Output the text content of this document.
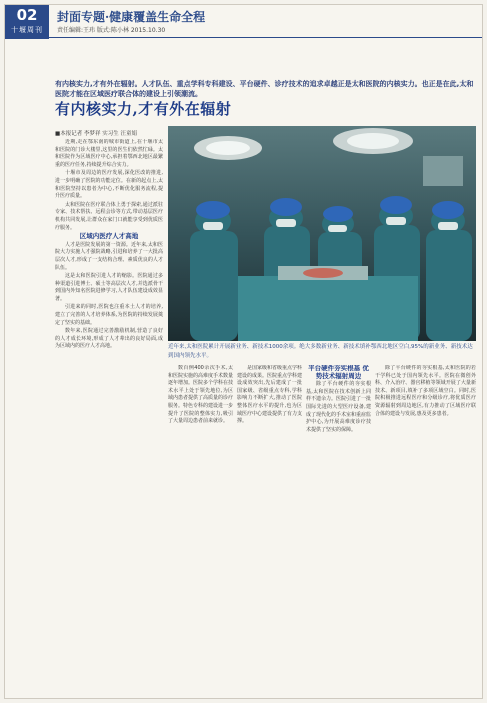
02
十堰周刊
封面专题·健康覆盖生命全程
责任编辑:王玮 版式:陈小林 2015.10.30
有内核实力,才有外在辐射。人才队伍、重点学科专科建设、平台硬件、诊疗技术的追求卓越正是太和医院的内核实力。也正是在此,太和医院才能在区域医疗联合体的建设上引领潮流。
有内核实力,才有外在辐射
■本报记者 李梦祥 实习生 汪童娟
近年来,太和医院累计开展新业务、新技术1000余项。绝大多数新业务、新技术填补鄂西北地区空白,95%的新业务、新技术达到国内领先水平。

近期,走在鄂东南的城市街道上,在十堰市太和医院的门诊大楼里,这里的医生们依然忙碌。太和医院作为区域医疗中心,承担着鄂西北地区最繁重的医疗任务,持续提升综合实力。

十堰市及周边的医疗发展,深化医改的推进,进一步明确了医院的功能定位。在新的起点上,太和医院坚持以患者为中心,不断优化服务流程,提升医疗质量。

太和医院在医疗联合体上勇于探索,通过派驻专家、技术帮扶、远程会诊等方式,带动基层医疗机构共同发展,让群众在家门口就能享受到优质医疗服务。

区域内医疗人才高地

人才是医院发展的第一资源。近年来,太和医院大力实施人才强院战略,引进和培养了一大批高层次人才,形成了一支结构合理、素质优良的人才队伍。

这是太和医院引进人才的缩影。医院通过多种渠道引进博士、硕士等高层次人才,并选派骨干到国内外知名医院进修学习,人才队伍建设成效显著。

引进来的同时,医院也注重本土人才的培养,建立了完善的人才培养体系,为医院的持续发展奠定了坚实的基础。

数年来,医院通过完善激励机制,营造了良好的人才成长环境,形成了人才辈出的良好局面,成为区域内的医疗人才高地。

数百例400余次手术,太和医院实施的高难度手术数量逐年增加。医院多个学科在技术水平上处于领先地位,为区域内患者提供了高质量的诊疗服务。特色专科的建设进一步提升了医院的整体实力,吸引了大量周边患者前来就诊。

是国家级和省级重点学科建设的成果。医院重点学科建设成效突出,先后建成了一批国家级、省级重点专科,学科影响力不断扩大,推动了医院整体医疗水平的提升,也为区域医疗中心建设提供了有力支撑。

平台硬件夯实根基 优势技术辐射周边

除了平台硬件的夯实根基,太和医院在技术创新上同样不遗余力。医院引进了一批国际先进的大型医疗设备,建成了现代化的手术室和重症监护中心,为开展高难度诊疗技术提供了坚实的保障。

除了平台硬件的夯实根基,太和医院的若干学科已处于国内领先水平。医院在微创外科、介入治疗、器官移植等领域开展了大量新技术、新项目,填补了多项区域空白。同时,医院积极推进远程医疗和分级诊疗,将优质医疗资源辐射到周边地区,有力推动了区域医疗联合体的建设与发展,惠及更多患者。
